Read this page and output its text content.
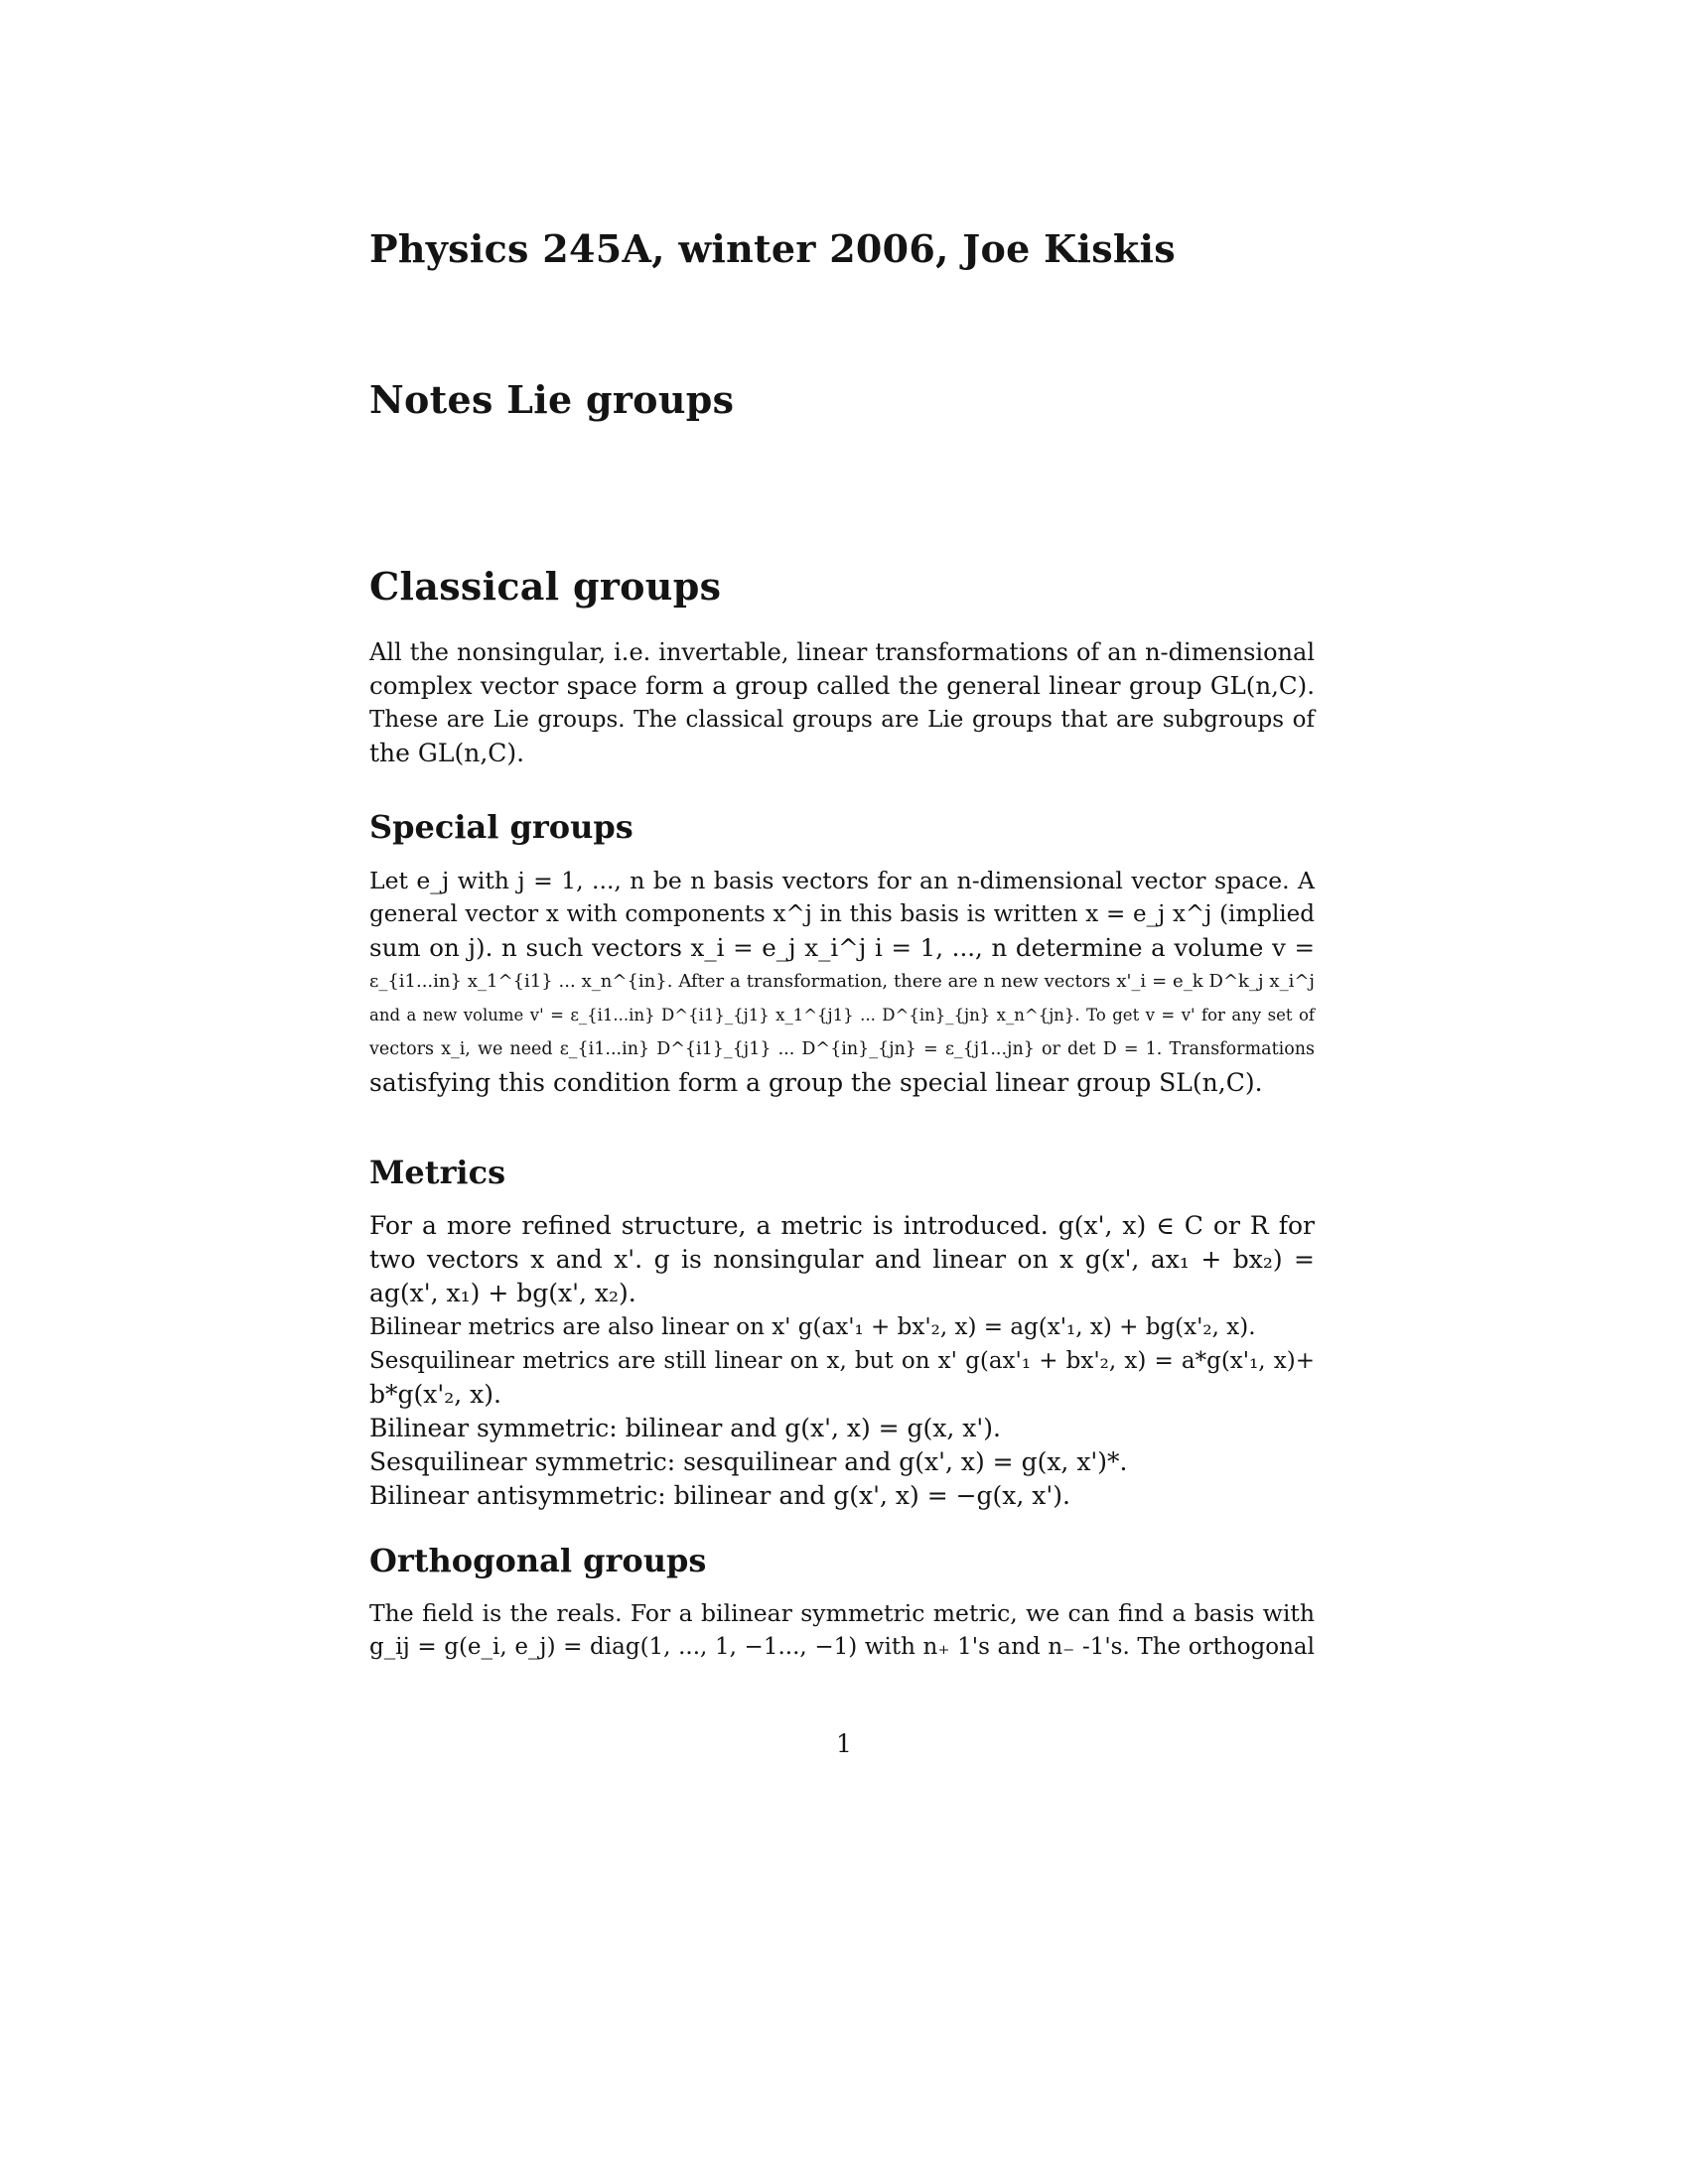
Physics 245A, winter 2006, Joe Kiskis
Notes Lie groups
Classical groups
All the nonsingular, i.e. invertable, linear transformations of an n-dimensional
complex vector space form a group called the general linear group GL(n,C).
These are Lie groups. The classical groups are Lie groups that are subgroups of
the GL(n,C).
Special groups
Let e_j with j = 1, ..., n be n basis vectors for an n-dimensional vector space. A
general vector x with components x^j in this basis is written x = e_j x^j (implied
sum on j). n such vectors x_i = e_j x_i^j i = 1, ..., n determine a volume v =
ε_{i1...in} x_1^{i1} ... x_n^{in}. After a transformation, there are n new vectors x'_i = e_k D^k_j x_i^j
and a new volume v' = ε_{i1...in} D^{i1}_{j1} x_1^{j1} ... D^{in}_{jn} x_n^{jn}. To get v = v' for any set of
vectors x_i, we need ε_{i1...in} D^{i1}_{j1} ... D^{in}_{jn} = ε_{j1...jn} or det D = 1. Transformations
satisfying this condition form a group the special linear group SL(n,C).
Metrics
For a more refined structure, a metric is introduced. g(x', x) ∈ C or R for
two vectors x and x'. g is nonsingular and linear on x g(x', ax₁ + bx₂) =
ag(x', x₁) + bg(x', x₂).
Bilinear metrics are also linear on x' g(ax'₁ + bx'₂, x) = ag(x'₁, x) + bg(x'₂, x).
Sesquilinear metrics are still linear on x, but on x' g(ax'₁ + bx'₂, x) = a*g(x'₁, x)+
b*g(x'₂, x).
Bilinear symmetric: bilinear and g(x', x) = g(x, x').
Sesquilinear symmetric: sesquilinear and g(x', x) = g(x, x')*.
Bilinear antisymmetric: bilinear and g(x', x) = −g(x, x').
Orthogonal groups
The field is the reals. For a bilinear symmetric metric, we can find a basis with
g_ij = g(e_i, e_j) = diag(1, ..., 1, −1..., −1) with n₊ 1's and n₋ -1's. The orthogonal
1
